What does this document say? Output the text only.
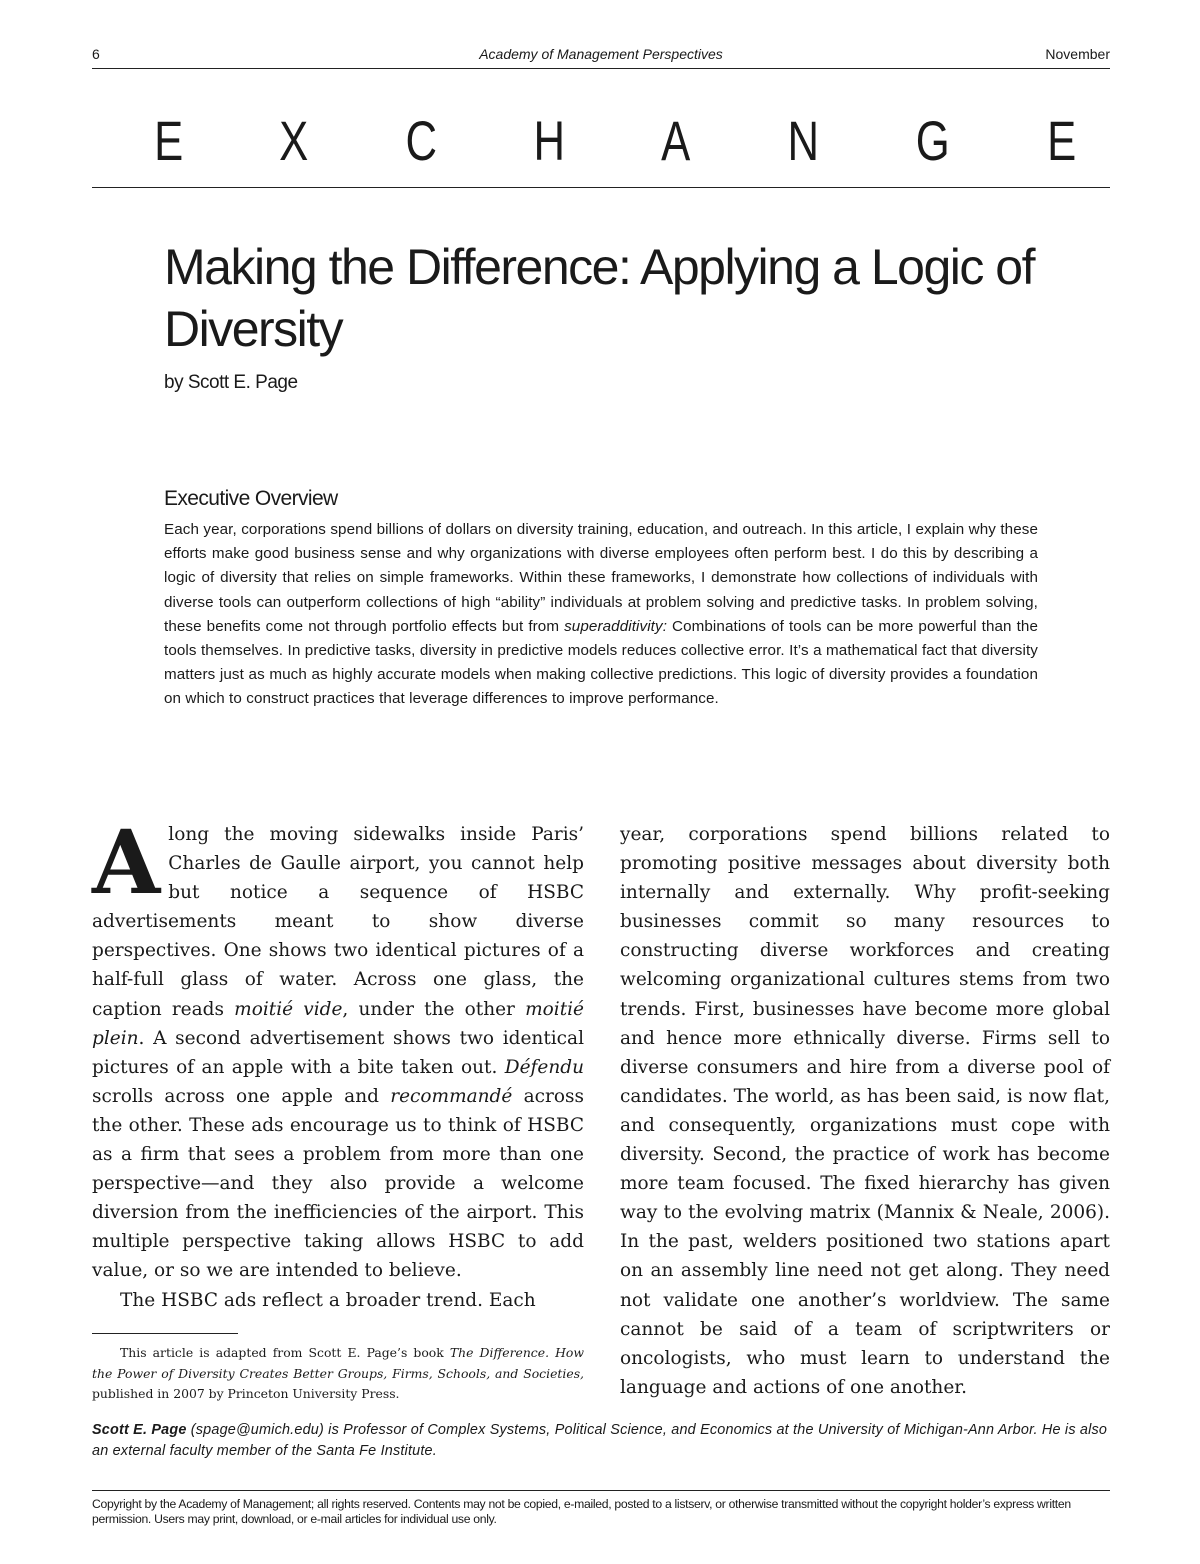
6	Academy of Management Perspectives	November
E X C H A N G E
Making the Difference: Applying a Logic of Diversity
by Scott E. Page
Executive Overview
Each year, corporations spend billions of dollars on diversity training, education, and outreach. In this article, I explain why these efforts make good business sense and why organizations with diverse employees often perform best. I do this by describing a logic of diversity that relies on simple frameworks. Within these frameworks, I demonstrate how collections of individuals with diverse tools can outperform collections of high “ability” individuals at problem solving and predictive tasks. In problem solving, these benefits come not through portfolio effects but from superadditivity: Combinations of tools can be more powerful than the tools themselves. In predictive tasks, diversity in predictive models reduces collective error. It’s a mathematical fact that diversity matters just as much as highly accurate models when making collective predictions. This logic of diversity provides a foundation on which to construct practices that leverage differences to improve performance.

Along the moving sidewalks inside Paris’ Charles de Gaulle airport, you cannot help but notice a sequence of HSBC advertisements meant to show diverse perspectives. One shows two identical pictures of a half-full glass of water. Across one glass, the caption reads moitié vide, under the other moitié plein. A second advertisement shows two identical pictures of an apple with a bite taken out. Défendu scrolls across one apple and recommandé across the other. These ads encourage us to think of HSBC as a firm that sees a problem from more than one perspective—and they also provide a welcome diversion from the inefficiencies of the airport. This multiple perspective taking allows HSBC to add value, or so we are intended to believe.

The HSBC ads reflect a broader trend. Each

year, corporations spend billions related to promoting positive messages about diversity both internally and externally. Why profit-seeking businesses commit so many resources to constructing diverse workforces and creating welcoming organizational cultures stems from two trends. First, businesses have become more global and hence more ethnically diverse. Firms sell to diverse consumers and hire from a diverse pool of candidates. The world, as has been said, is now flat, and consequently, organizations must cope with diversity. Second, the practice of work has become more team focused. The fixed hierarchy has given way to the evolving matrix (Mannix & Neale, 2006). In the past, welders positioned two stations apart on an assembly line need not get along. They need not validate one another’s worldview. The same cannot be said of a team of scriptwriters or oncologists, who must learn to understand the language and actions of one another.

This article is adapted from Scott E. Page’s book The Difference. How the Power of Diversity Creates Better Groups, Firms, Schools, and Societies, published in 2007 by Princeton University Press.

Scott E. Page (spage@umich.edu) is Professor of Complex Systems, Political Science, and Economics at the University of Michigan-Ann Arbor. He is also an external faculty member of the Santa Fe Institute.
Copyright by the Academy of Management; all rights reserved. Contents may not be copied, e-mailed, posted to a listserv, or otherwise transmitted without the copyright holder’s express written permission. Users may print, download, or e-mail articles for individual use only.
